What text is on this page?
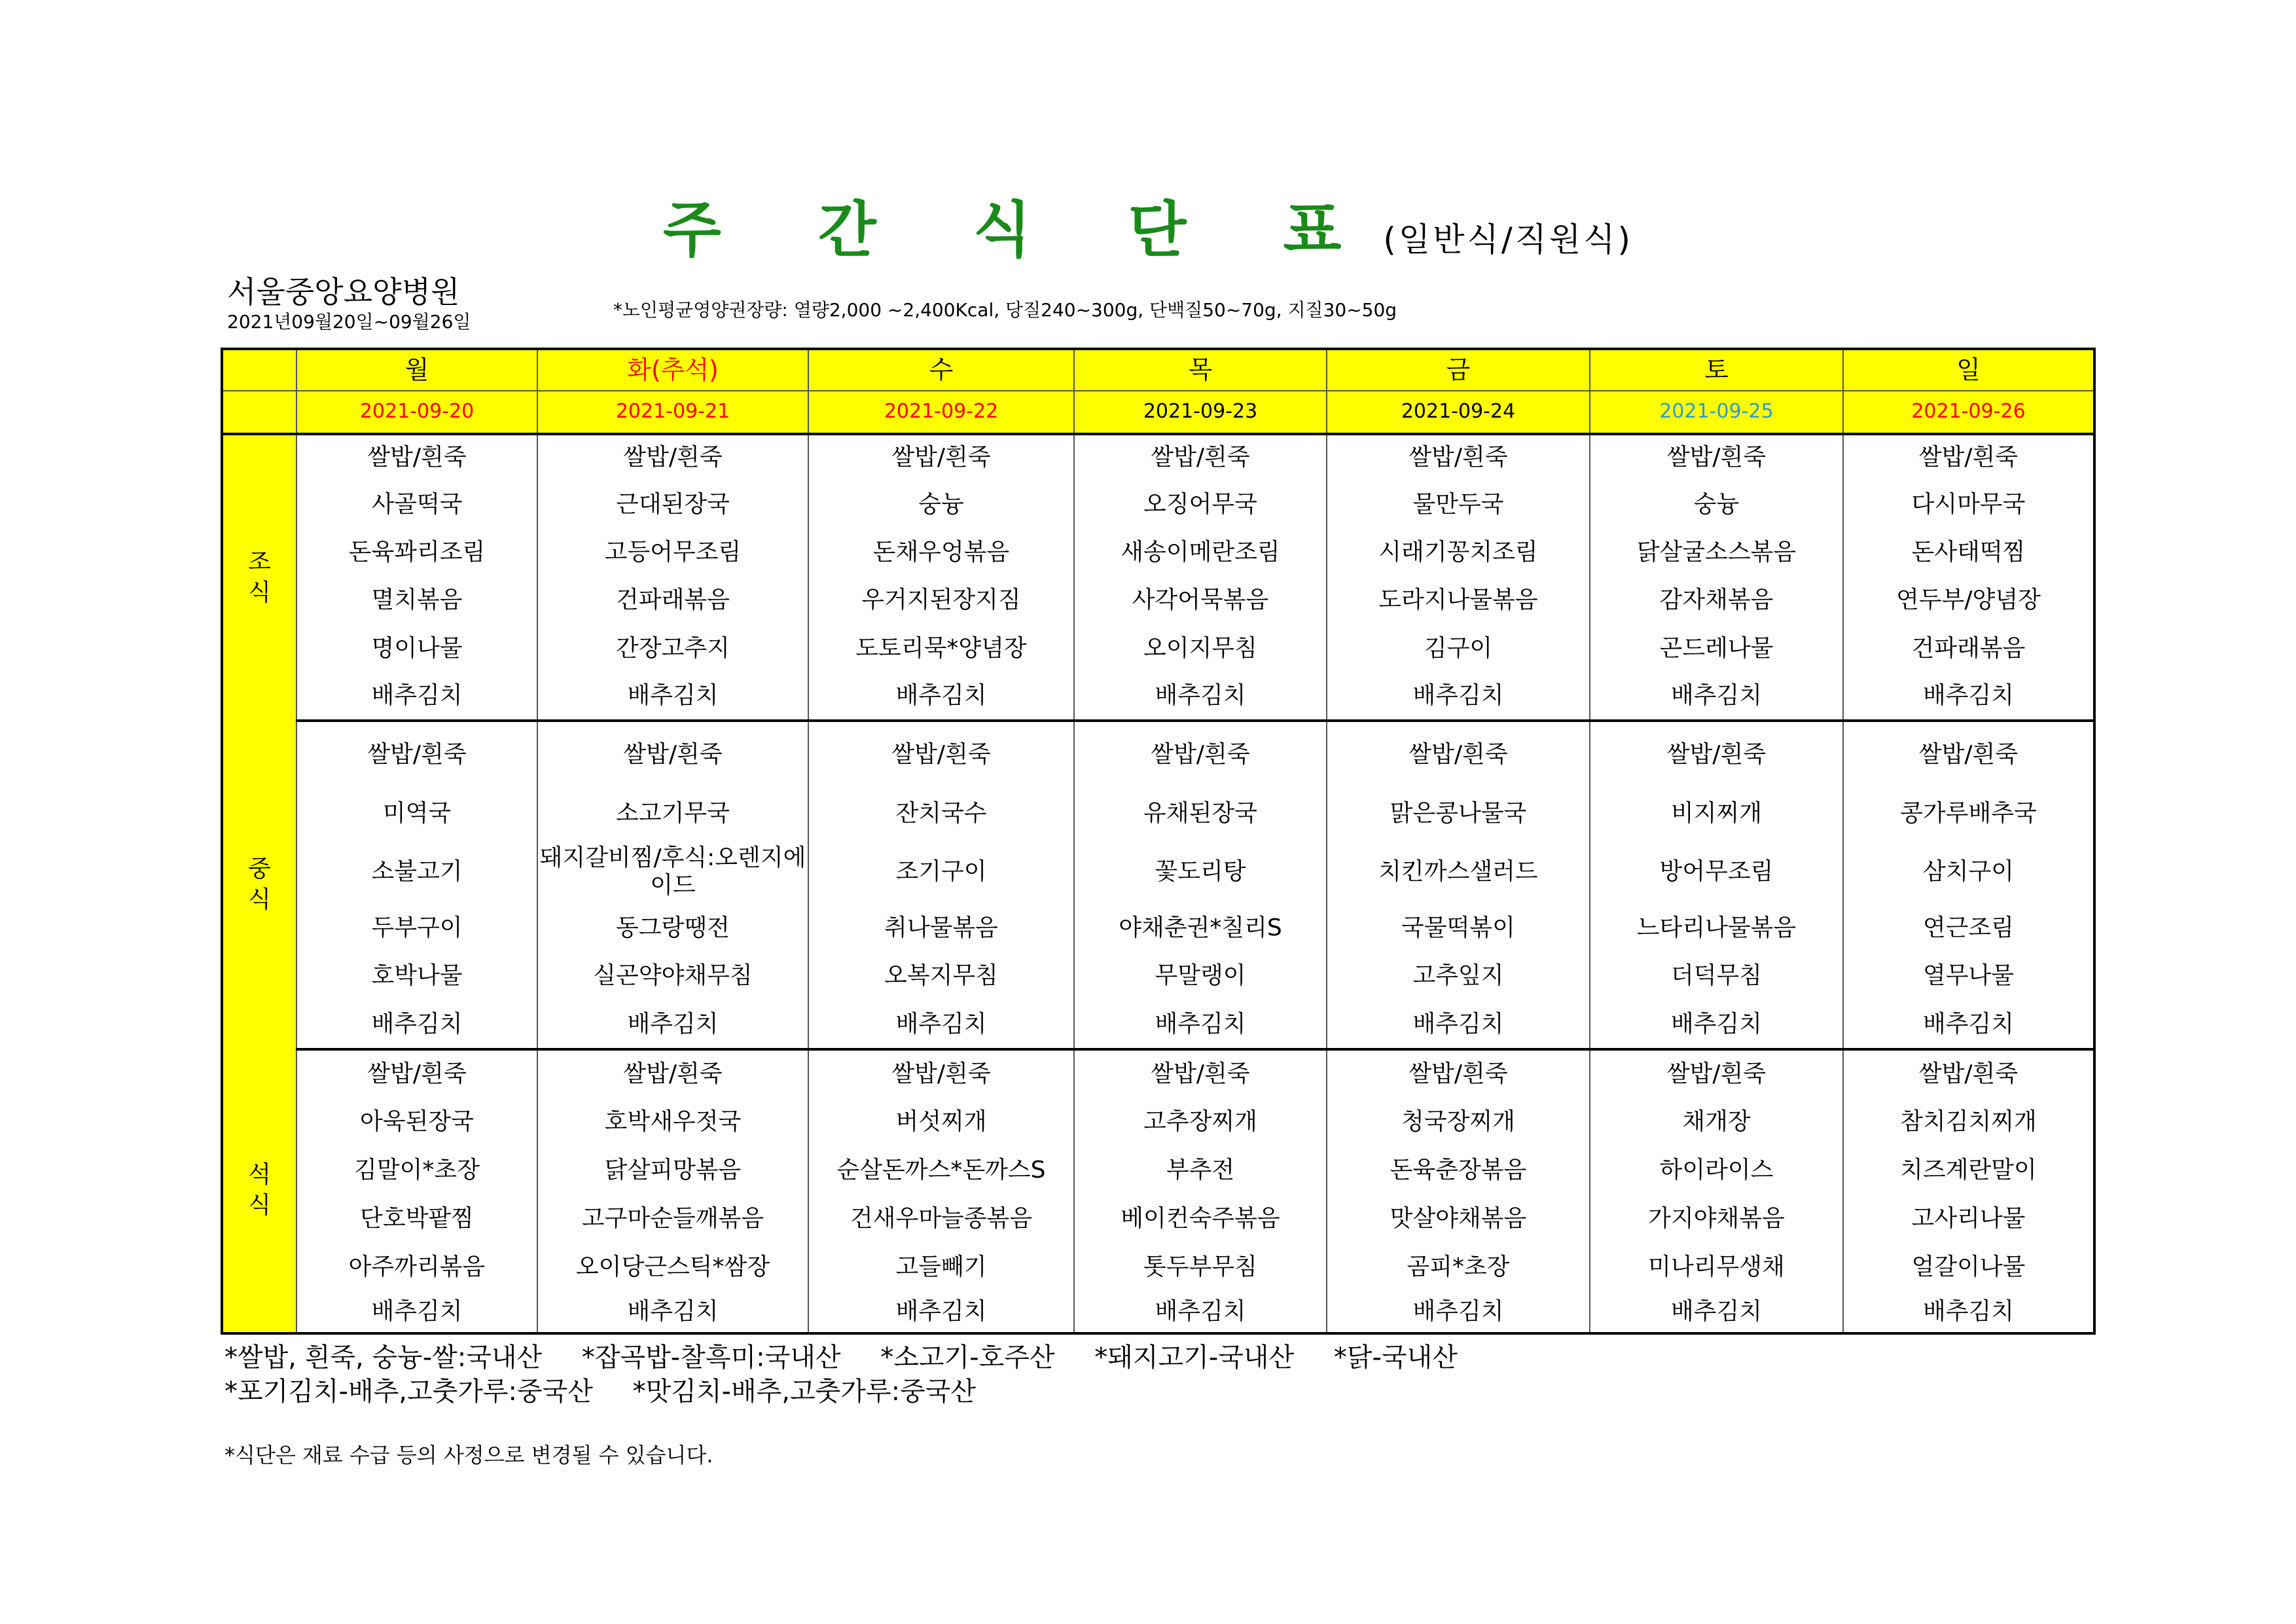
주 간 식 단 표 (일반식/직원식)
서울중앙요양병원
2021년09월20일~09월26일
*노인평균영양권장량: 열량2,000 ~2,400Kcal, 당질240~300g, 단백질50~70g, 지질30~50g
	월	화(추석)	수	목	금	토	일
	2021-09-20	2021-09-21	2021-09-22	2021-09-23	2021-09-24	2021-09-25	2021-09-26
조
식	쌀밥/흰죽	쌀밥/흰죽	쌀밥/흰죽	쌀밥/흰죽	쌀밥/흰죽	쌀밥/흰죽	쌀밥/흰죽
	사골떡국	근대된장국	숭늉	오징어무국	물만두국	숭늉	다시마무국
	돈육꽈리조림	고등어무조림	돈채우엉볶음	새송이메란조림	시래기꽁치조림	닭살굴소스볶음	돈사태떡찜
	멸치볶음	건파래볶음	우거지된장지짐	사각어묵볶음	도라지나물볶음	감자채볶음	연두부/양념장
	명이나물	간장고추지	도토리묵*양념장	오이지무침	김구이	곤드레나물	건파래볶음
	배추김치	배추김치	배추김치	배추김치	배추김치	배추김치	배추김치
중
식	쌀밥/흰죽	쌀밥/흰죽	쌀밥/흰죽	쌀밥/흰죽	쌀밥/흰죽	쌀밥/흰죽	쌀밥/흰죽
	미역국	소고기무국	잔치국수	유채된장국	맑은콩나물국	비지찌개	콩가루배추국
	소불고기	돼지갈비찜/후식:오렌지에이드	조기구이	꽃도리탕	치킨까스샐러드	방어무조림	삼치구이
	두부구이	동그랑땡전	취나물볶음	야채춘권*칠리S	국물떡볶이	느타리나물볶음	연근조림
	호박나물	실곤약야채무침	오복지무침	무말랭이	고추잎지	더덕무침	열무나물
	배추김치	배추김치	배추김치	배추김치	배추김치	배추김치	배추김치
석
식	쌀밥/흰죽	쌀밥/흰죽	쌀밥/흰죽	쌀밥/흰죽	쌀밥/흰죽	쌀밥/흰죽	쌀밥/흰죽
	아욱된장국	호박새우젓국	버섯찌개	고추장찌개	청국장찌개	채개장	참치김치찌개
	김말이*초장	닭살피망볶음	순살돈까스*돈까스S	부추전	돈육춘장볶음	하이라이스	치즈계란말이
	단호박팥찜	고구마순들깨볶음	건새우마늘종볶음	베이컨숙주볶음	맛살야채볶음	가지야채볶음	고사리나물
	아주까리볶음	오이당근스틱*쌈장	고들빼기	톳두부무침	곰피*초장	미나리무생채	얼갈이나물
	배추김치	배추김치	배추김치	배추김치	배추김치	배추김치	배추김치
*쌀밥, 흰죽, 숭늉-쌀:국내산 *잡곡밥-찰흑미:국내산 *소고기-호주산 *돼지고기-국내산 *닭-국내산
*포기김치-배추,고춧가루:중국산 *맛김치-배추,고춧가루:중국산
*식단은 재료 수급 등의 사정으로 변경될 수 있습니다.
